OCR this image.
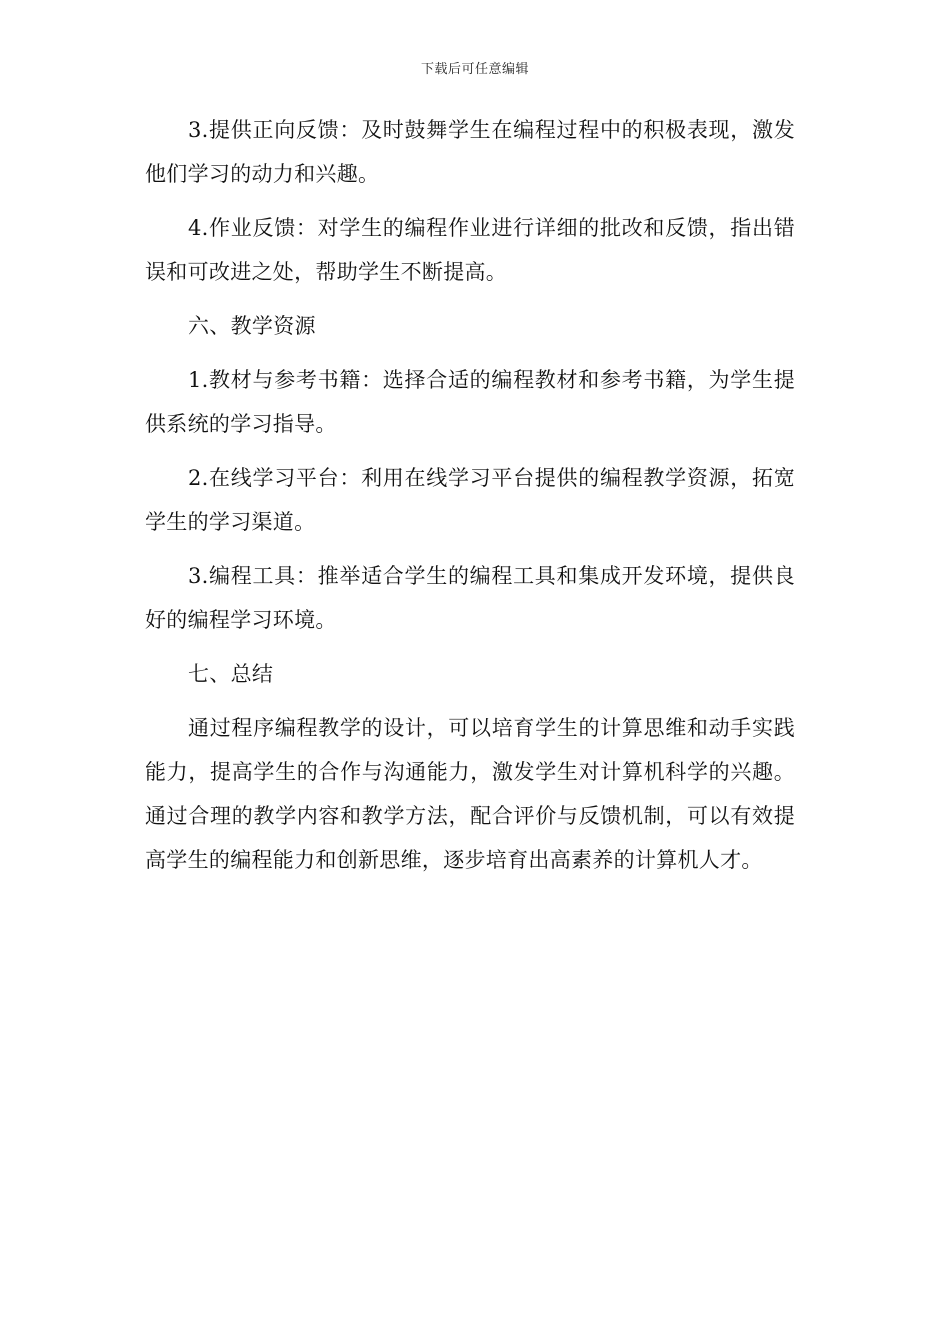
下载后可任意编辑

3.提供正向反馈：及时鼓舞学生在编程过程中的积极表现，激发他们学习的动力和兴趣。

4.作业反馈：对学生的编程作业进行详细的批改和反馈，指出错误和可改进之处，帮助学生不断提高。

六、教学资源

1.教材与参考书籍：选择合适的编程教材和参考书籍，为学生提供系统的学习指导。

2.在线学习平台：利用在线学习平台提供的编程教学资源，拓宽学生的学习渠道。

3.编程工具：推举适合学生的编程工具和集成开发环境，提供良好的编程学习环境。

七、总结

通过程序编程教学的设计，可以培育学生的计算思维和动手实践能力，提高学生的合作与沟通能力，激发学生对计算机科学的兴趣。通过合理的教学内容和教学方法，配合评价与反馈机制，可以有效提高学生的编程能力和创新思维，逐步培育出高素养的计算机人才。
